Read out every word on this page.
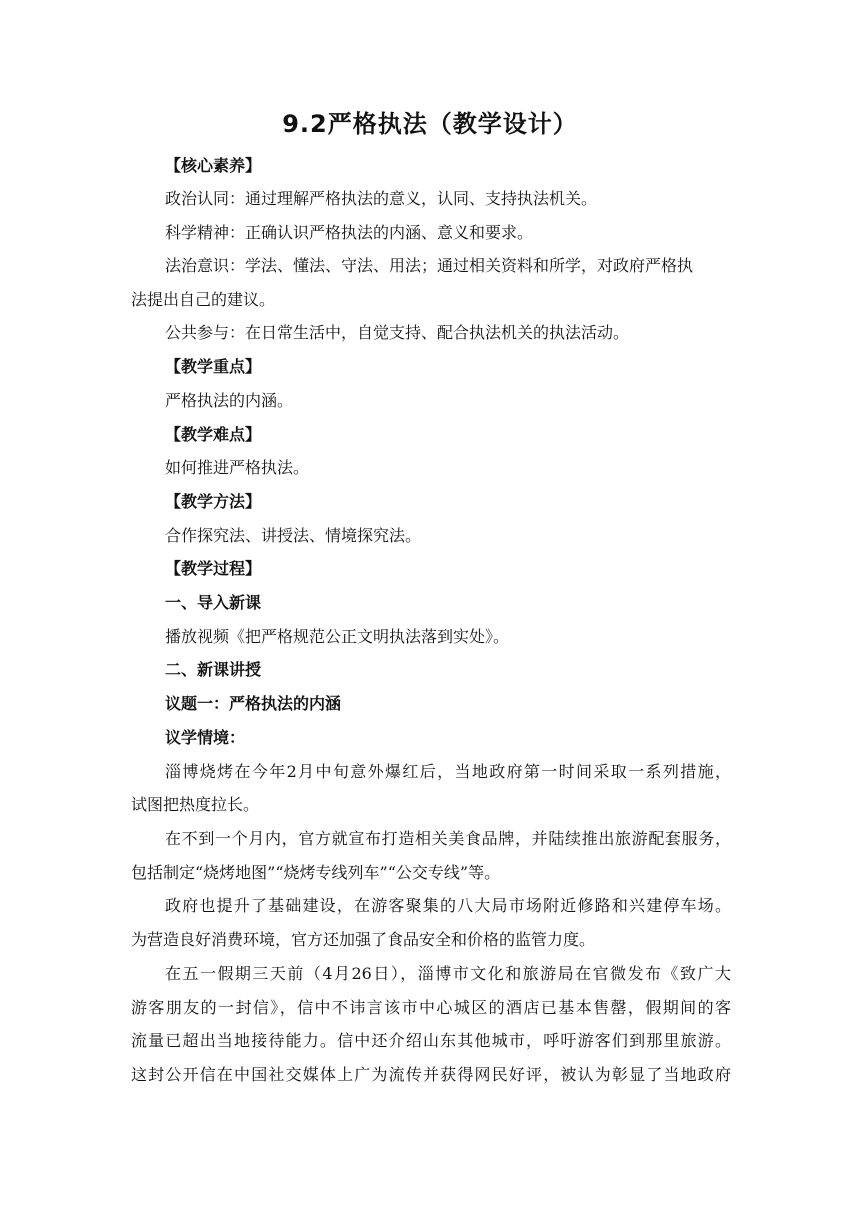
9.2严格执法（教学设计）
【核心素养】
政治认同：通过理解严格执法的意义，认同、支持执法机关。
科学精神：正确认识严格执法的内涵、意义和要求。
法治意识：学法、懂法、守法、用法；通过相关资料和所学，对政府严格执
法提出自己的建议。
公共参与：在日常生活中，自觉支持、配合执法机关的执法活动。
【教学重点】
严格执法的内涵。
【教学难点】
如何推进严格执法。
【教学方法】
合作探究法、讲授法、情境探究法。
【教学过程】
一、导入新课
播放视频《把严格规范公正文明执法落到实处》。
二、新课讲授
议题一：严格执法的内涵
议学情境：
淄博烧烤在今年2月中旬意外爆红后，当地政府第一时间采取一系列措施，
试图把热度拉长。
在不到一个月内，官方就宣布打造相关美食品牌，并陆续推出旅游配套服务，
包括制定“烧烤地图”“烧烤专线列车”“公交专线”等。
政府也提升了基础建设，在游客聚集的八大局市场附近修路和兴建停车场。
为营造良好消费环境，官方还加强了食品安全和价格的监管力度。
在五一假期三天前（4月26日），淄博市文化和旅游局在官微发布《致广大
游客朋友的一封信》，信中不讳言该市中心城区的酒店已基本售罄，假期间的客
流量已超出当地接待能力。信中还介绍山东其他城市，呼吁游客们到那里旅游。
这封公开信在中国社交媒体上广为流传并获得网民好评，被认为彰显了当地政府
